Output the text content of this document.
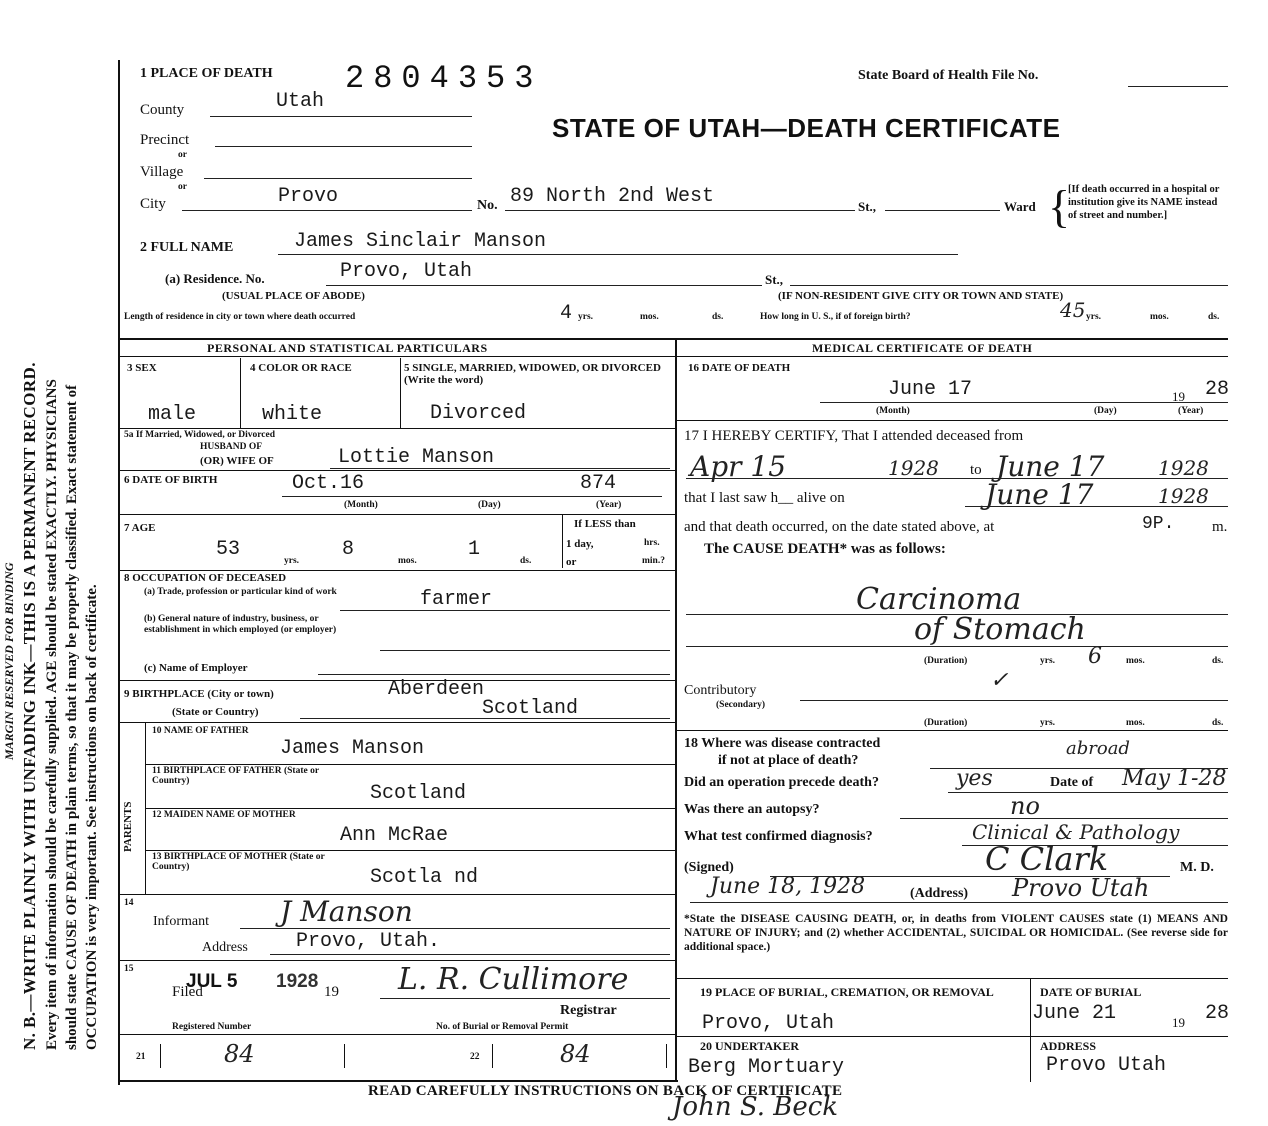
MARGIN RESERVED FOR BINDING N. B.—WRITE PLAINLY WITH UNFADING INK—THIS IS A PERMANENT RECORD. Every item of information should be carefully supplied. AGE should be stated EXACTLY. PHYSICIANS should state CAUSE OF DEATH in plain terms, so that it may be properly classified. Exact statement of OCCUPATION is very important. See instructions on back of certificate.
1 PLACE OF DEATH 2804353	State Board of Health File No.
STATE OF UTAH—DEATH CERTIFICATE
County	Utah
Precinct
or
Village
or
City	Provo	No. 89 North 2nd West	St.,	Ward {
[If death occurred in a hospital or institution give its NAME instead of street and number.]
2 FULL NAME	James Sinclair Manson
(a) Residence. No.	Provo, Utah	St.,
(USUAL PLACE OF ABODE)	(IF NON-RESIDENT GIVE CITY OR TOWN AND STATE)
Length of residence in city or town where death occurred	4 yrs.	mos.	ds.	How long in U. S., if of foreign birth?	45 yrs.	mos.	ds.
PERSONAL AND STATISTICAL PARTICULARS	MEDICAL CERTIFICATE OF DEATH
3 SEX
male
4 COLOR OR RACE
white
5 SINGLE, MARRIED, WIDOWED, OR DIVORCED (Write the word)
Divorced
5a If Married, Widowed, or Divorced
HUSBAND OF
(OR) WIFE OF	Lottie Manson
6 DATE OF BIRTH	Oct.16	874
(Month)	(Day)	(Year)
7 AGE
53	yrs. 8	mos.	1	ds.
If LESS than
1 day,	hrs.
or	min.?
8 OCCUPATION OF DECEASED
(a) Trade, profession or particular kind of work	farmer
(b) General nature of industry, business, or establishment in which employed (or employer)
(c) Name of Employer
9 BIRTHPLACE (City or town)	Aberdeen
(State or Country)	Scotland
PARENTS
10 NAME OF FATHER
James Manson
11 BIRTHPLACE OF FATHER (State or Country)
Scotland
12 MAIDEN NAME OF MOTHER
Ann McRae
13 BIRTHPLACE OF MOTHER (State or Country)	Scotla nd
14
Informant	J Manson
Address Provo, Utah.
15
Filed
JUL 5 1928 19 L. R. Cullimore
Registrar
Registered Number	No. of Burial or Removal Permit
21	84	22	84
16 DATE OF DEATH
June 17	19 28
(Month)	(Day)	(Year)
17 I HEREBY CERTIFY, That I attended deceased from
Apr 15	1928 to June 17	1928
that I last saw h__ alive on	June 17	1928
and that death occurred, on the date stated above, at	9P.	m.
The CAUSE DEATH* was as follows:
Carcinoma
of Stomach
(Duration)	yrs. 6	mos.	ds.
Contributory
(Secondary)
✓
(Duration)	yrs.	mos.	ds.
18 Where was disease contracted
if not at place of death?
abroad
Did an operation precede death?	yes	Date of May 1-28
Was there an autopsy?	no
What test confirmed diagnosis?	Clinical & Pathology
(Signed)	C Clark	M. D.
June 18, 1928	(Address) Provo Utah
*State the DISEASE CAUSING DEATH, or, in deaths from VIOLENT CAUSES state (1) MEANS AND NATURE OF INJURY; and (2) whether ACCIDENTAL, SUICIDAL OR HOMICIDAL. (See reverse side for additional space.)
19 PLACE OF BURIAL, CREMATION, OR REMOVAL
Provo, Utah
DATE OF BURIAL
June 21	19 28
20 UNDERTAKER
Berg Mortuary
ADDRESS
Provo Utah
READ CAREFULLY INSTRUCTIONS ON BACK OF CERTIFICATE
John S. Beck
